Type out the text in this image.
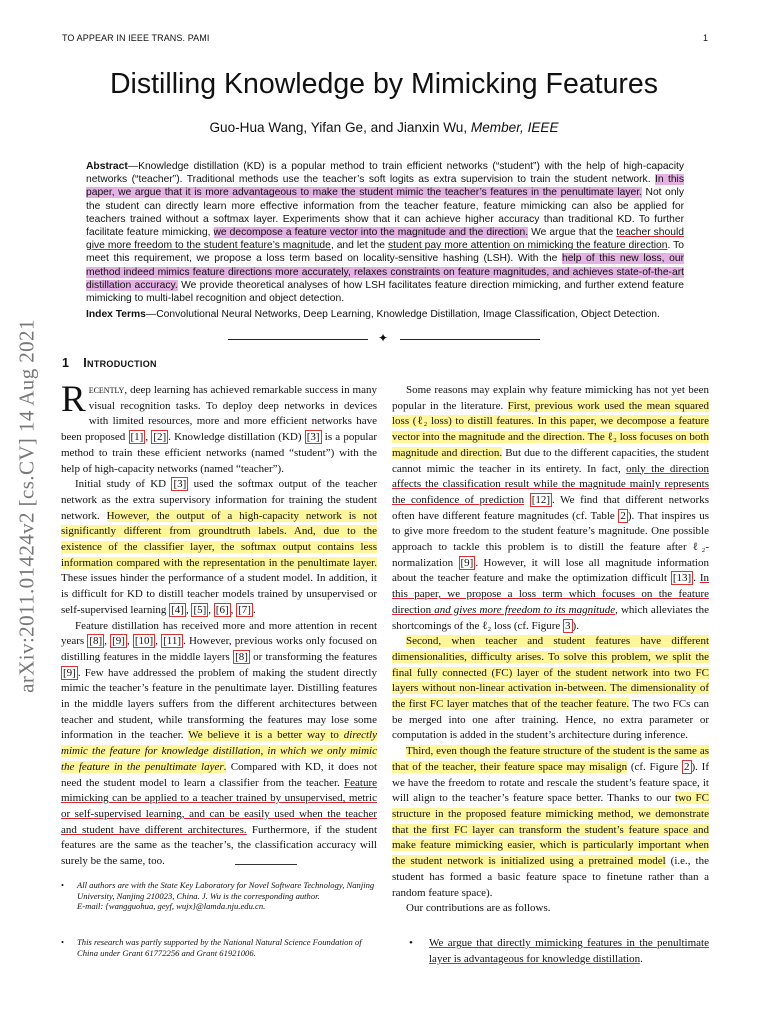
TO APPEAR IN IEEE TRANS. PAMI	1
Distilling Knowledge by Mimicking Features
Guo-Hua Wang, Yifan Ge, and Jianxin Wu, Member, IEEE
arXiv:2011.01424v2 [cs.CV] 14 Aug 2021
Abstract—Knowledge distillation (KD) is a popular method to train efficient networks (“student”) with the help of high-capacity networks (“teacher”). Traditional methods use the teacher’s soft logits as extra supervision to train the student network. In this paper, we argue that it is more advantageous to make the student mimic the teacher’s features in the penultimate layer. Not only the student can directly learn more effective information from the teacher feature, feature mimicking can also be applied for teachers trained without a softmax layer. Experiments show that it can achieve higher accuracy than traditional KD. To further facilitate feature mimicking, we decompose a feature vector into the magnitude and the direction. We argue that the teacher should give more freedom to the student feature’s magnitude, and let the student pay more attention on mimicking the feature direction. To meet this requirement, we propose a loss term based on locality-sensitive hashing (LSH). With the help of this new loss, our method indeed mimics feature directions more accurately, relaxes constraints on feature magnitudes, and achieves state-of-the-art distillation accuracy. We provide theoretical analyses of how LSH facilitates feature direction mimicking, and further extend feature mimicking to multi-label recognition and object detection.
Index Terms—Convolutional Neural Networks, Deep Learning, Knowledge Distillation, Image Classification, Object Detection.
✦
1 Introduction

Recently, deep learning has achieved remarkable success in many visual recognition tasks. To deploy deep networks in devices with limited resources, more and more efficient networks have been proposed [1] , [2] . Knowledge distillation (KD) [3] is a popular method to train these efficient networks (named “student”) with the help of high-capacity networks (named “teacher”).

Initial study of KD [3] used the softmax output of the teacher network as the extra supervisory information for training the student network. However, the output of a high-capacity network is not significantly different from groundtruth labels. And, due to the existence of the classifier layer, the softmax output contains less information compared with the representation in the penultimate layer. These issues hinder the performance of a student model. In addition, it is difficult for KD to distill teacher models trained by unsupervised or self-supervised learning [4] , [5] , [6] , [7] .

Feature distillation has received more and more attention in recent years [8] , [9] , [10] , [11] . However, previous works only focused on distilling features in the middle layers [8] or transforming the features [9] . Few have addressed the problem of making the student directly mimic the teacher’s feature in the penultimate layer. Distilling features in the middle layers suffers from the different architectures between teacher and student, while transforming the features may lose some information in the teacher. We believe it is a better way to directly mimic the feature for knowledge distillation, in which we only mimic the feature in the penultimate layer. Compared with KD, it does not need the student model to learn a classifier from the teacher. Feature mimicking can be applied to a teacher trained by unsupervised, metric or self-supervised learning, and can be easily used when the teacher and student have different architectures. Furthermore, if the student features are the same as the teacher’s, the classification accuracy will surely be the same, too.

• All authors are with the State Key Laboratory for Novel Software Technology, Nanjing University, Nanjing 210023, China. J. Wu is the corresponding author.
E-mail: {wangguohua, geyf, wujx}@lamda.nju.edu.cn.
• This research was partly supported by the National Natural Science Foundation of China under Grant 61772256 and Grant 61921006.

Some reasons may explain why feature mimicking has not yet been popular in the literature. First, previous work used the mean squared loss (ℓ₂ loss) to distill features. In this paper, we decompose a feature vector into the magnitude and the direction. The ℓ₂ loss focuses on both magnitude and direction. But due to the different capacities, the student cannot mimic the teacher in its entirety. In fact, only the direction affects the classification result while the magnitude mainly represents the confidence of prediction [12] . We find that different networks often have different feature magnitudes (cf. Table 2 ). That inspires us to give more freedom to the student feature’s magnitude. One possible approach to tackle this problem is to distill the feature after ℓ₂-normalization [9] . However, it will lose all magnitude information about the teacher feature and make the optimization difficult [13] . In this paper, we propose a loss term which focuses on the feature direction and gives more freedom to its magnitude, which alleviates the shortcomings of the ℓ₂ loss (cf. Figure 3 ).

Second, when teacher and student features have different dimensionalities, difficulty arises. To solve this problem, we split the final fully connected (FC) layer of the student network into two FC layers without non-linear activation in-between. The dimensionality of the first FC layer matches that of the teacher feature. The two FCs can be merged into one after training. Hence, no extra parameter or computation is added in the student’s architecture during inference.

Third, even though the feature structure of the student is the same as that of the teacher, their feature space may misalign (cf. Figure 2 ). If we have the freedom to rotate and rescale the student’s feature space, it will align to the teacher’s feature space better. Thanks to our two FC structure in the proposed feature mimicking method, we demonstrate that the first FC layer can transform the student’s feature space and make feature mimicking easier, which is particularly important when the student network is initialized using a pretrained model (i.e., the student has formed a basic feature space to finetune rather than a random feature space).

Our contributions are as follows.

• We argue that directly mimicking features in the penultimate layer is advantageous for knowledge distillation.
